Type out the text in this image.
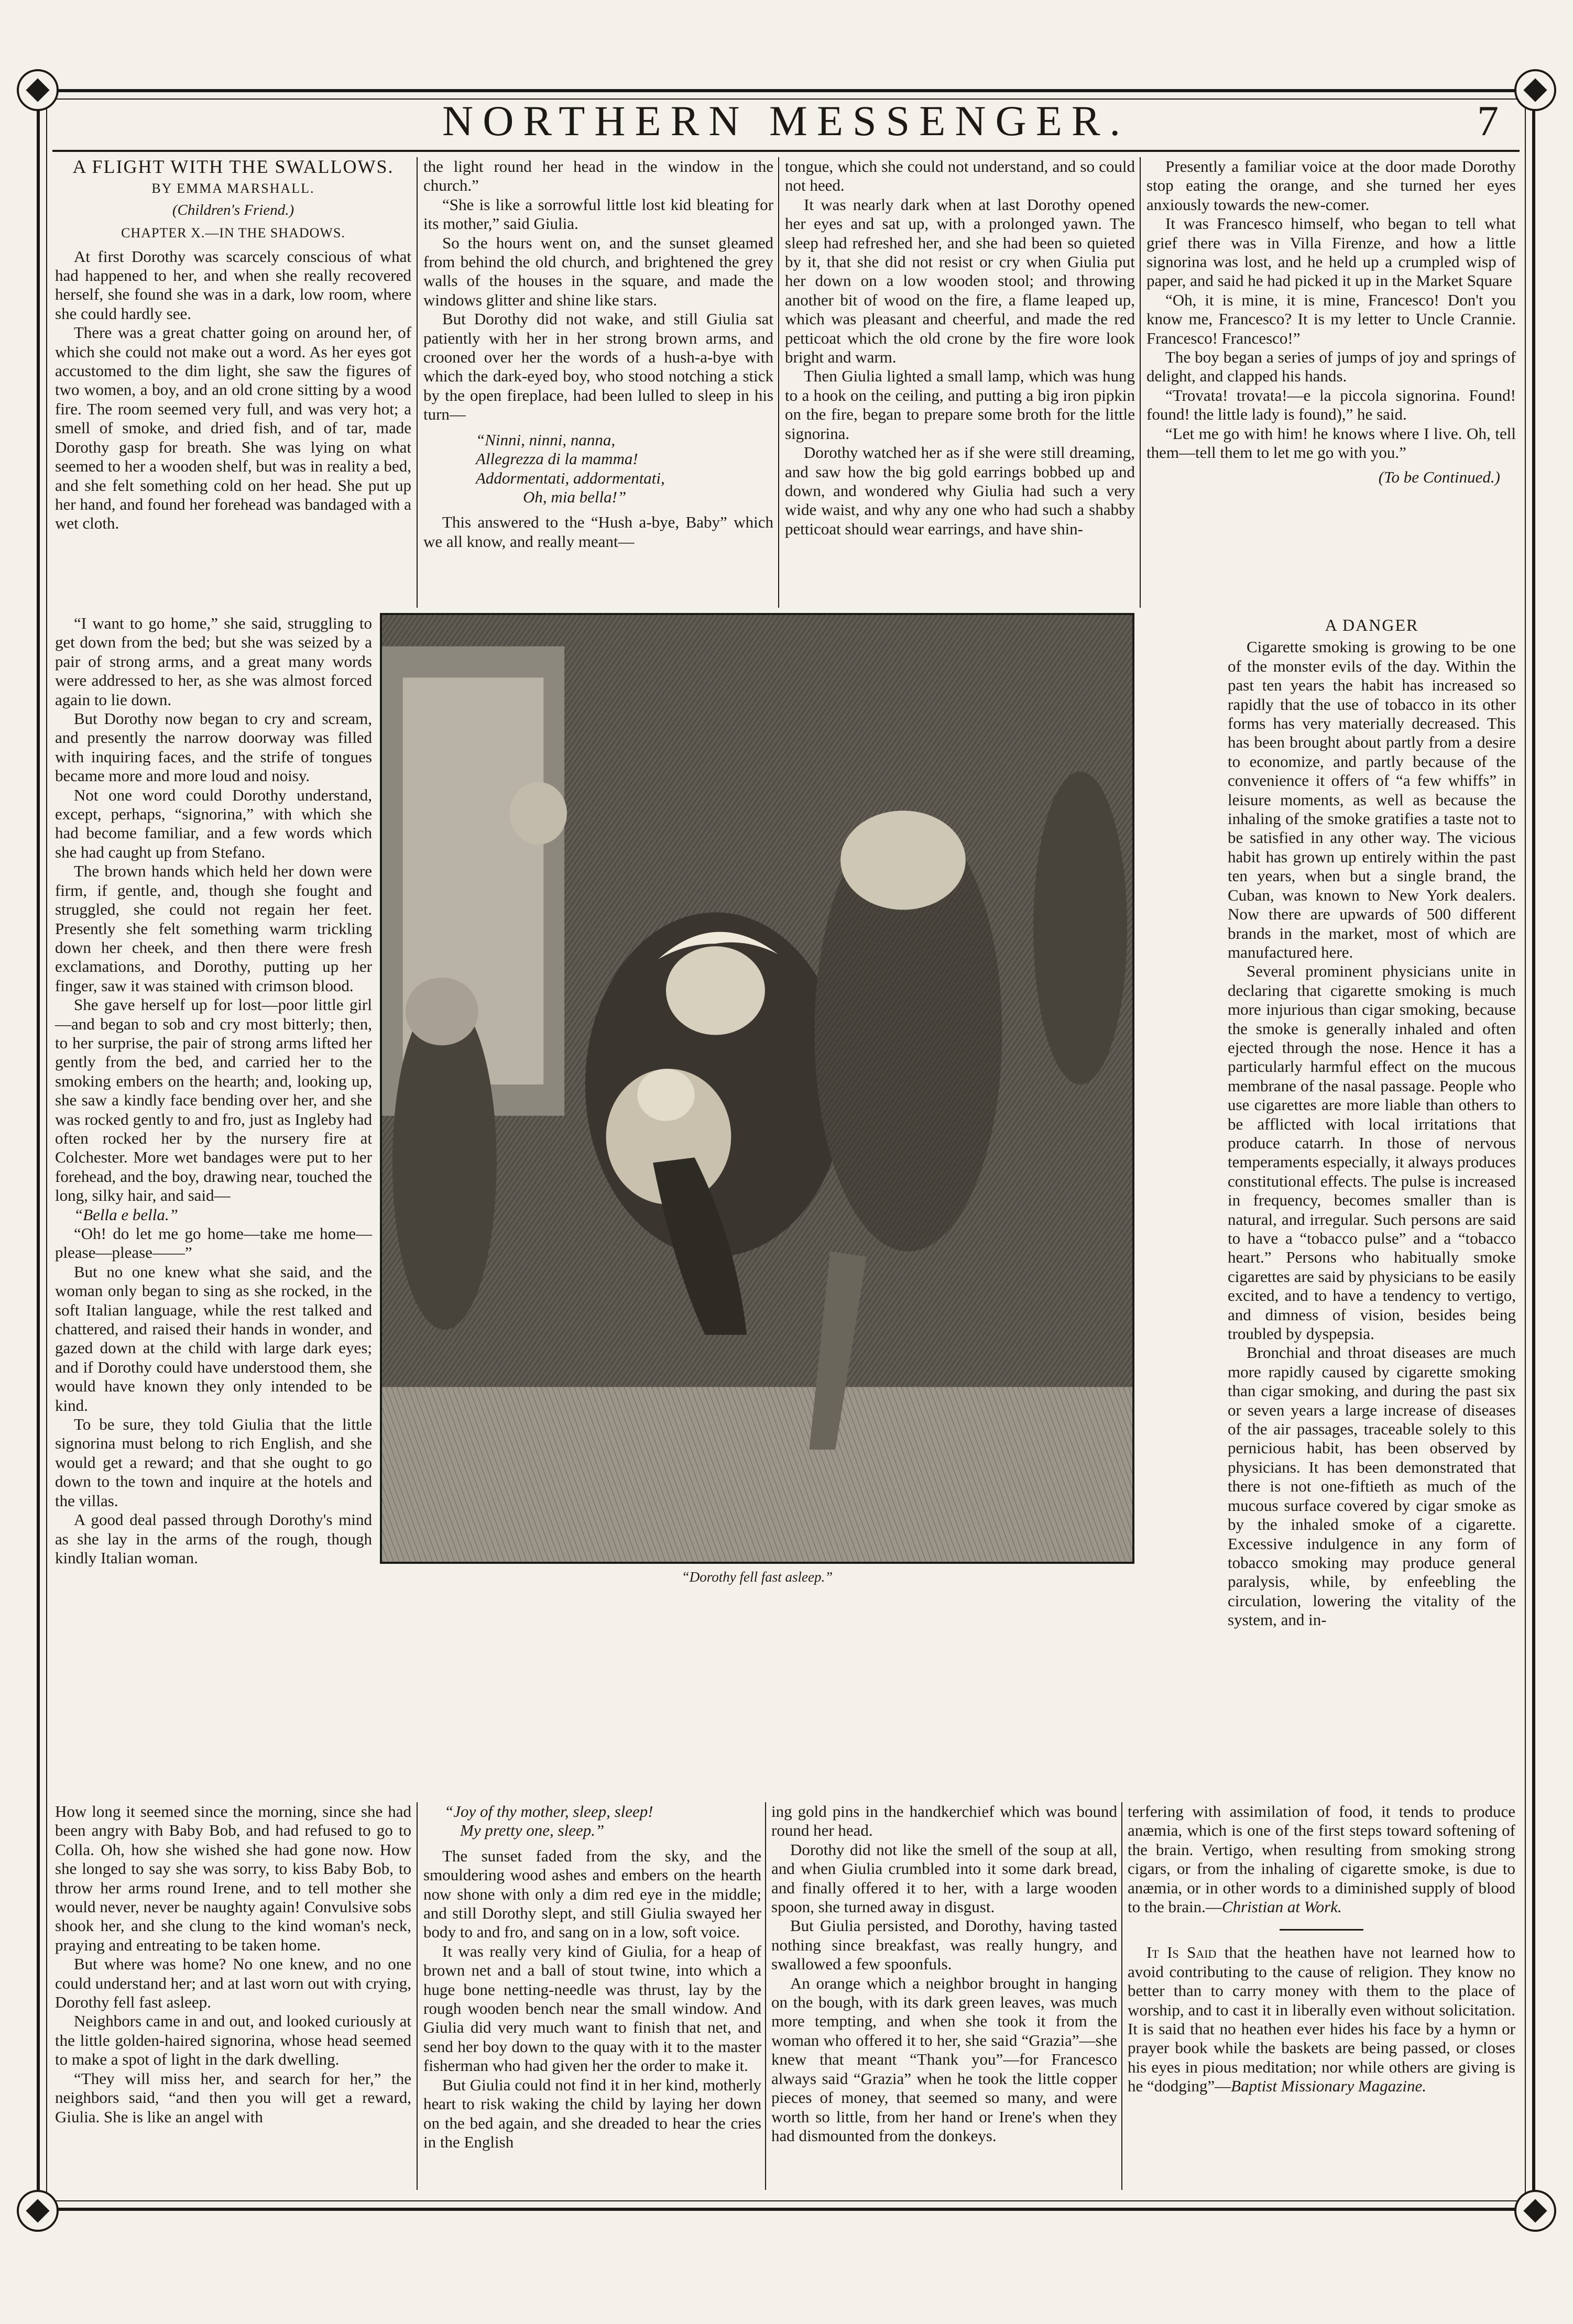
NORTHERN MESSENGER.	7
A FLIGHT WITH THE SWALLOWS.
BY EMMA MARSHALL.
(Children's Friend.)
CHAPTER X.—IN THE SHADOWS.

At first Dorothy was scarcely conscious of what had happened to her, and when she really recovered herself, she found she was in a dark, low room, where she could hardly see.

There was a great chatter going on around her, of which she could not make out a word. As her eyes got accustomed to the dim light, she saw the figures of two women, a boy, and an old crone sitting by a wood fire. The room seemed very full, and was very hot; a smell of smoke, and dried fish, and of tar, made Dorothy gasp for breath. She was lying on what seemed to her a wooden shelf, but was in reality a bed, and she felt something cold on her head. She put up her hand, and found her forehead was bandaged with a wet cloth.

“I want to go home,” she said, struggling to get down from the bed; but she was seized by a pair of strong arms, and a great many words were addressed to her, as she was almost forced again to lie down.

But Dorothy now began to cry and scream, and presently the narrow doorway was filled with inquiring faces, and the strife of tongues became more and more loud and noisy.

Not one word could Dorothy understand, except, perhaps, “signorina,” with which she had become familiar, and a few words which she had caught up from Stefano.

The brown hands which held her down were firm, if gentle, and, though she fought and struggled, she could not regain her feet. Presently she felt something warm trickling down her cheek, and then there were fresh exclamations, and Dorothy, putting up her finger, saw it was stained with crimson blood.

She gave herself up for lost—poor little girl—and began to sob and cry most bitterly; then, to her surprise, the pair of strong arms lifted her gently from the bed, and carried her to the smoking embers on the hearth; and, looking up, she saw a kindly face bending over her, and she was rocked gently to and fro, just as Ingleby had often rocked her by the nursery fire at Colchester. More wet bandages were put to her forehead, and the boy, drawing near, touched the long, silky hair, and said—

“Bella e bella.”

“Oh! do let me go home—take me home—please—please——”

But no one knew what she said, and the woman only began to sing as she rocked, in the soft Italian language, while the rest talked and chattered, and raised their hands in wonder, and gazed down at the child with large dark eyes; and if Dorothy could have understood them, she would have known they only intended to be kind.

To be sure, they told Giulia that the little signorina must belong to rich English, and she would get a reward; and that she ought to go down to the town and inquire at the hotels and the villas.

A good deal passed through Dorothy's mind as she lay in the arms of the rough, though kindly Italian woman.

How long it seemed since the morning, since she had been angry with Baby Bob, and had refused to go to Colla. Oh, how she wished she had gone now. How she longed to say she was sorry, to kiss Baby Bob, to throw her arms round Irene, and to tell mother she would never, never be naughty again! Convulsive sobs shook her, and she clung to the kind woman's neck, praying and entreating to be taken home.

But where was home? No one knew, and no one could understand her; and at last worn out with crying, Dorothy fell fast asleep.

Neighbors came in and out, and looked curiously at the little golden-haired signorina, whose head seemed to make a spot of light in the dark dwelling.

“They will miss her, and search for her,” the neighbors said, “and then you will get a reward, Giulia. She is like an angel with

the light round her head in the window in the church.”

“She is like a sorrowful little lost kid bleating for its mother,” said Giulia.

So the hours went on, and the sunset gleamed from behind the old church, and brightened the grey walls of the houses in the square, and made the windows glitter and shine like stars.

But Dorothy did not wake, and still Giulia sat patiently with her in her strong brown arms, and crooned over her the words of a hush-a-bye with which the dark-eyed boy, who stood notching a stick by the open fireplace, had been lulled to sleep in his turn—

“Ninni, ninni, nanna,
Allegrezza di la mamma!
Addormentati, addormentati,
Oh, mia bella!”

This answered to the “Hush a-bye, Baby” which we all know, and really meant—

“Joy of thy mother, sleep, sleep!
My pretty one, sleep.”

The sunset faded from the sky, and the smouldering wood ashes and embers on the hearth now shone with only a dim red eye in the middle; and still Dorothy slept, and still Giulia swayed her body to and fro, and sang on in a low, soft voice.

It was really very kind of Giulia, for a heap of brown net and a ball of stout twine, into which a huge bone netting-needle was thrust, lay by the rough wooden bench near the small window. And Giulia did very much want to finish that net, and send her boy down to the quay with it to the master fisherman who had given her the order to make it.

But Giulia could not find it in her kind, motherly heart to risk waking the child by laying her down on the bed again, and she dreaded to hear the cries in the English

tongue, which she could not understand, and so could not heed.

It was nearly dark when at last Dorothy opened her eyes and sat up, with a prolonged yawn. The sleep had refreshed her, and she had been so quieted by it, that she did not resist or cry when Giulia put her down on a low wooden stool; and throwing another bit of wood on the fire, a flame leaped up, which was pleasant and cheerful, and made the red petticoat which the old crone by the fire wore look bright and warm.

Then Giulia lighted a small lamp, which was hung to a hook on the ceiling, and putting a big iron pipkin on the fire, began to prepare some broth for the little signorina.

Dorothy watched her as if she were still dreaming, and saw how the big gold earrings bobbed up and down, and wondered why Giulia had such a very wide waist, and why any one who had such a shabby petticoat should wear earrings, and have shin-

ing gold pins in the handkerchief which was bound round her head.

Dorothy did not like the smell of the soup at all, and when Giulia crumbled into it some dark bread, and finally offered it to her, with a large wooden spoon, she turned away in disgust.

But Giulia persisted, and Dorothy, having tasted nothing since breakfast, was really hungry, and swallowed a few spoonfuls.

An orange which a neighbor brought in hanging on the bough, with its dark green leaves, was much more tempting, and when she took it from the woman who offered it to her, she said “Grazia”—she knew that meant “Thank you”—for Francesco always said “Grazia” when he took the little copper pieces of money, that seemed so many, and were worth so little, from her hand or Irene's when they had dismounted from the donkeys.

Presently a familiar voice at the door made Dorothy stop eating the orange, and she turned her eyes anxiously towards the new-comer.

It was Francesco himself, who began to tell what grief there was in Villa Firenze, and how a little signorina was lost, and he held up a crumpled wisp of paper, and said he had picked it up in the Market Square

“Oh, it is mine, it is mine, Francesco! Don't you know me, Francesco? It is my letter to Uncle Crannie. Francesco! Francesco!”

The boy began a series of jumps of joy and springs of delight, and clapped his hands.

“Trovata! trovata!—e la piccola signorina. Found! found! the little lady is found),” he said.

“Let me go with him! he knows where I live. Oh, tell them—tell them to let me go with you.”

(To be Continued.)
A DANGER

Cigarette smoking is growing to be one of the monster evils of the day. Within the past ten years the habit has increased so rapidly that the use of tobacco in its other forms has very materially decreased. This has been brought about partly from a desire to economize, and partly because of the convenience it offers of “a few whiffs” in leisure moments, as well as because the inhaling of the smoke gratifies a taste not to be satisfied in any other way. The vicious habit has grown up entirely within the past ten years, when but a single brand, the Cuban, was known to New York dealers. Now there are upwards of 500 different brands in the market, most of which are manufactured here.

Several prominent physicians unite in declaring that cigarette smoking is much more injurious than cigar smoking, because the smoke is generally inhaled and often ejected through the nose. Hence it has a particularly harmful effect on the mucous membrane of the nasal passage. People who use cigarettes are more liable than others to be afflicted with local irritations that produce catarrh. In those of nervous temperaments especially, it always produces constitutional effects. The pulse is increased in frequency, becomes smaller than is natural, and irregular. Such persons are said to have a “tobacco pulse” and a “tobacco heart.” Persons who habitually smoke cigarettes are said by physicians to be easily excited, and to have a tendency to vertigo, and dimness of vision, besides being troubled by dyspepsia.

Bronchial and throat diseases are much more rapidly caused by cigarette smoking than cigar smoking, and during the past six or seven years a large increase of diseases of the air passages, traceable solely to this pernicious habit, has been observed by physicians. It has been demonstrated that there is not one-fiftieth as much of the mucous surface covered by cigar smoke as by the inhaled smoke of a cigarette. Excessive indulgence in any form of tobacco smoking may produce general paralysis, while, by enfeebling the circulation, lowering the vitality of the system, and in-

terfering with assimilation of food, it tends to produce anæmia, which is one of the first steps toward softening of the brain. Vertigo, when resulting from smoking strong cigars, or from the inhaling of cigarette smoke, is due to anæmia, or in other words to a diminished supply of blood to the brain.—Christian at Work.

It Is Said that the heathen have not learned how to avoid contributing to the cause of religion. They know no better than to carry money with them to the place of worship, and to cast it in liberally even without solicitation. It is said that no heathen ever hides his face by a hymn or prayer book while the baskets are being passed, or closes his eyes in pious meditation; nor while others are giving is he “dodging”—Baptist Missionary Magazine.

“Dorothy fell fast asleep.”
